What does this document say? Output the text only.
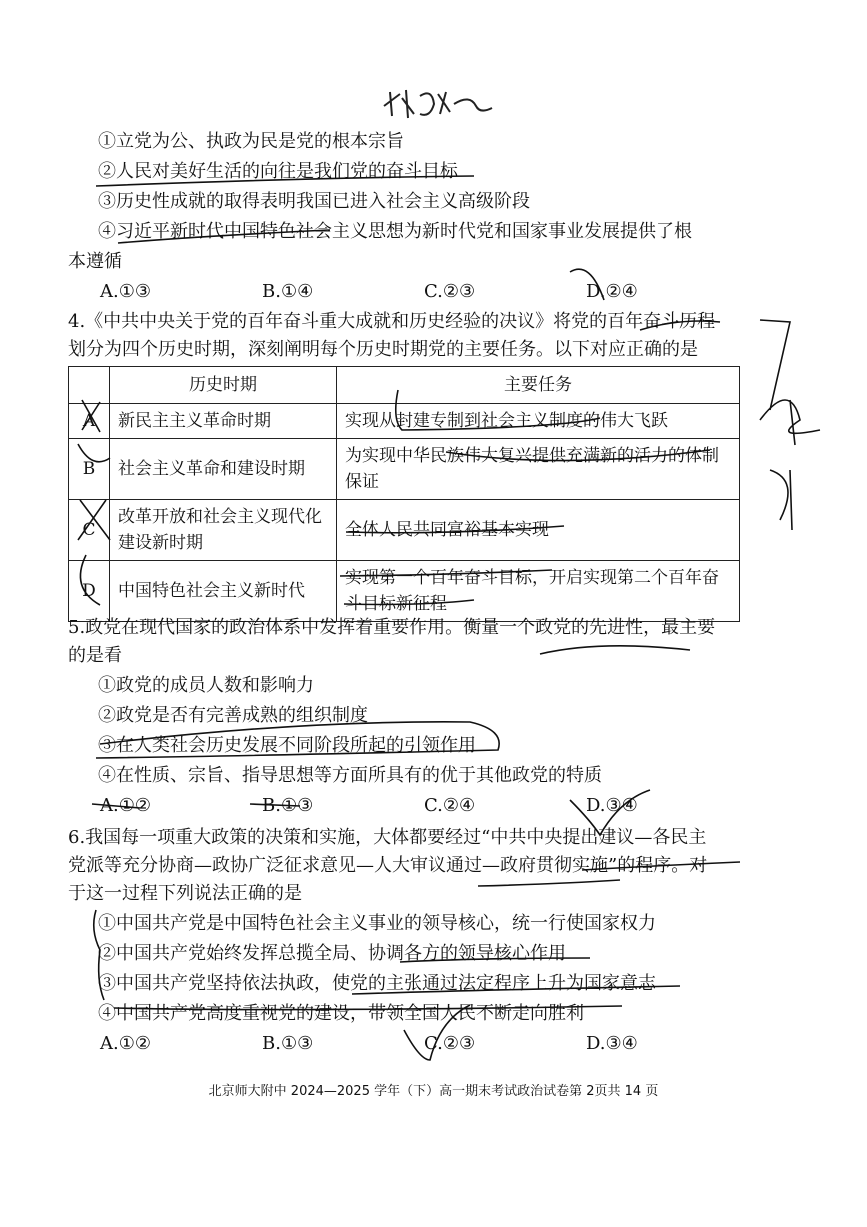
①立党为公、执政为民是党的根本宗旨
②人民对美好生活的向往是我们党的奋斗目标
③历史性成就的取得表明我国已进入社会主义高级阶段
④习近平新时代中国特色社会主义思想为新时代党和国家事业发展提供了根
本遵循
A.①③	B.①④	C.②③	D.②④
4.《中共中央关于党的百年奋斗重大成就和历史经验的决议》将党的百年奋斗历程
划分为四个历史时期，深刻阐明每个历史时期党的主要任务。以下对应正确的是
	历史时期	主要任务
A	新民主主义革命时期	实现从封建专制到社会主义制度的伟大飞跃
B	社会主义革命和建设时期	为实现中华民族伟大复兴提供充满新的活力的体制保证
C	改革开放和社会主义现代化建设新时期	全体人民共同富裕基本实现
D	中国特色社会主义新时代	实现第一个百年奋斗目标，开启实现第二个百年奋斗目标新征程
5.政党在现代国家的政治体系中发挥着重要作用。衡量一个政党的先进性，最主要
的是看
①政党的成员人数和影响力
②政党是否有完善成熟的组织制度
③在人类社会历史发展不同阶段所起的引领作用
④在性质、宗旨、指导思想等方面所具有的优于其他政党的特质
A.①②	B.①③	C.②④	D.③④
6.我国每一项重大政策的决策和实施，大体都要经过“中共中央提出建议—各民主
党派等充分协商—政协广泛征求意见—人大审议通过—政府贯彻实施”的程序。对
于这一过程下列说法正确的是
①中国共产党是中国特色社会主义事业的领导核心，统一行使国家权力
②中国共产党始终发挥总揽全局、协调各方的领导核心作用
③中国共产党坚持依法执政，使党的主张通过法定程序上升为国家意志
④中国共产党高度重视党的建设，带领全国人民不断走向胜利
A.①②	B.①③	C.②③	D.③④
北京师大附中 2024—2025 学年（下）高一期末考试政治试卷第 2页共 14 页
